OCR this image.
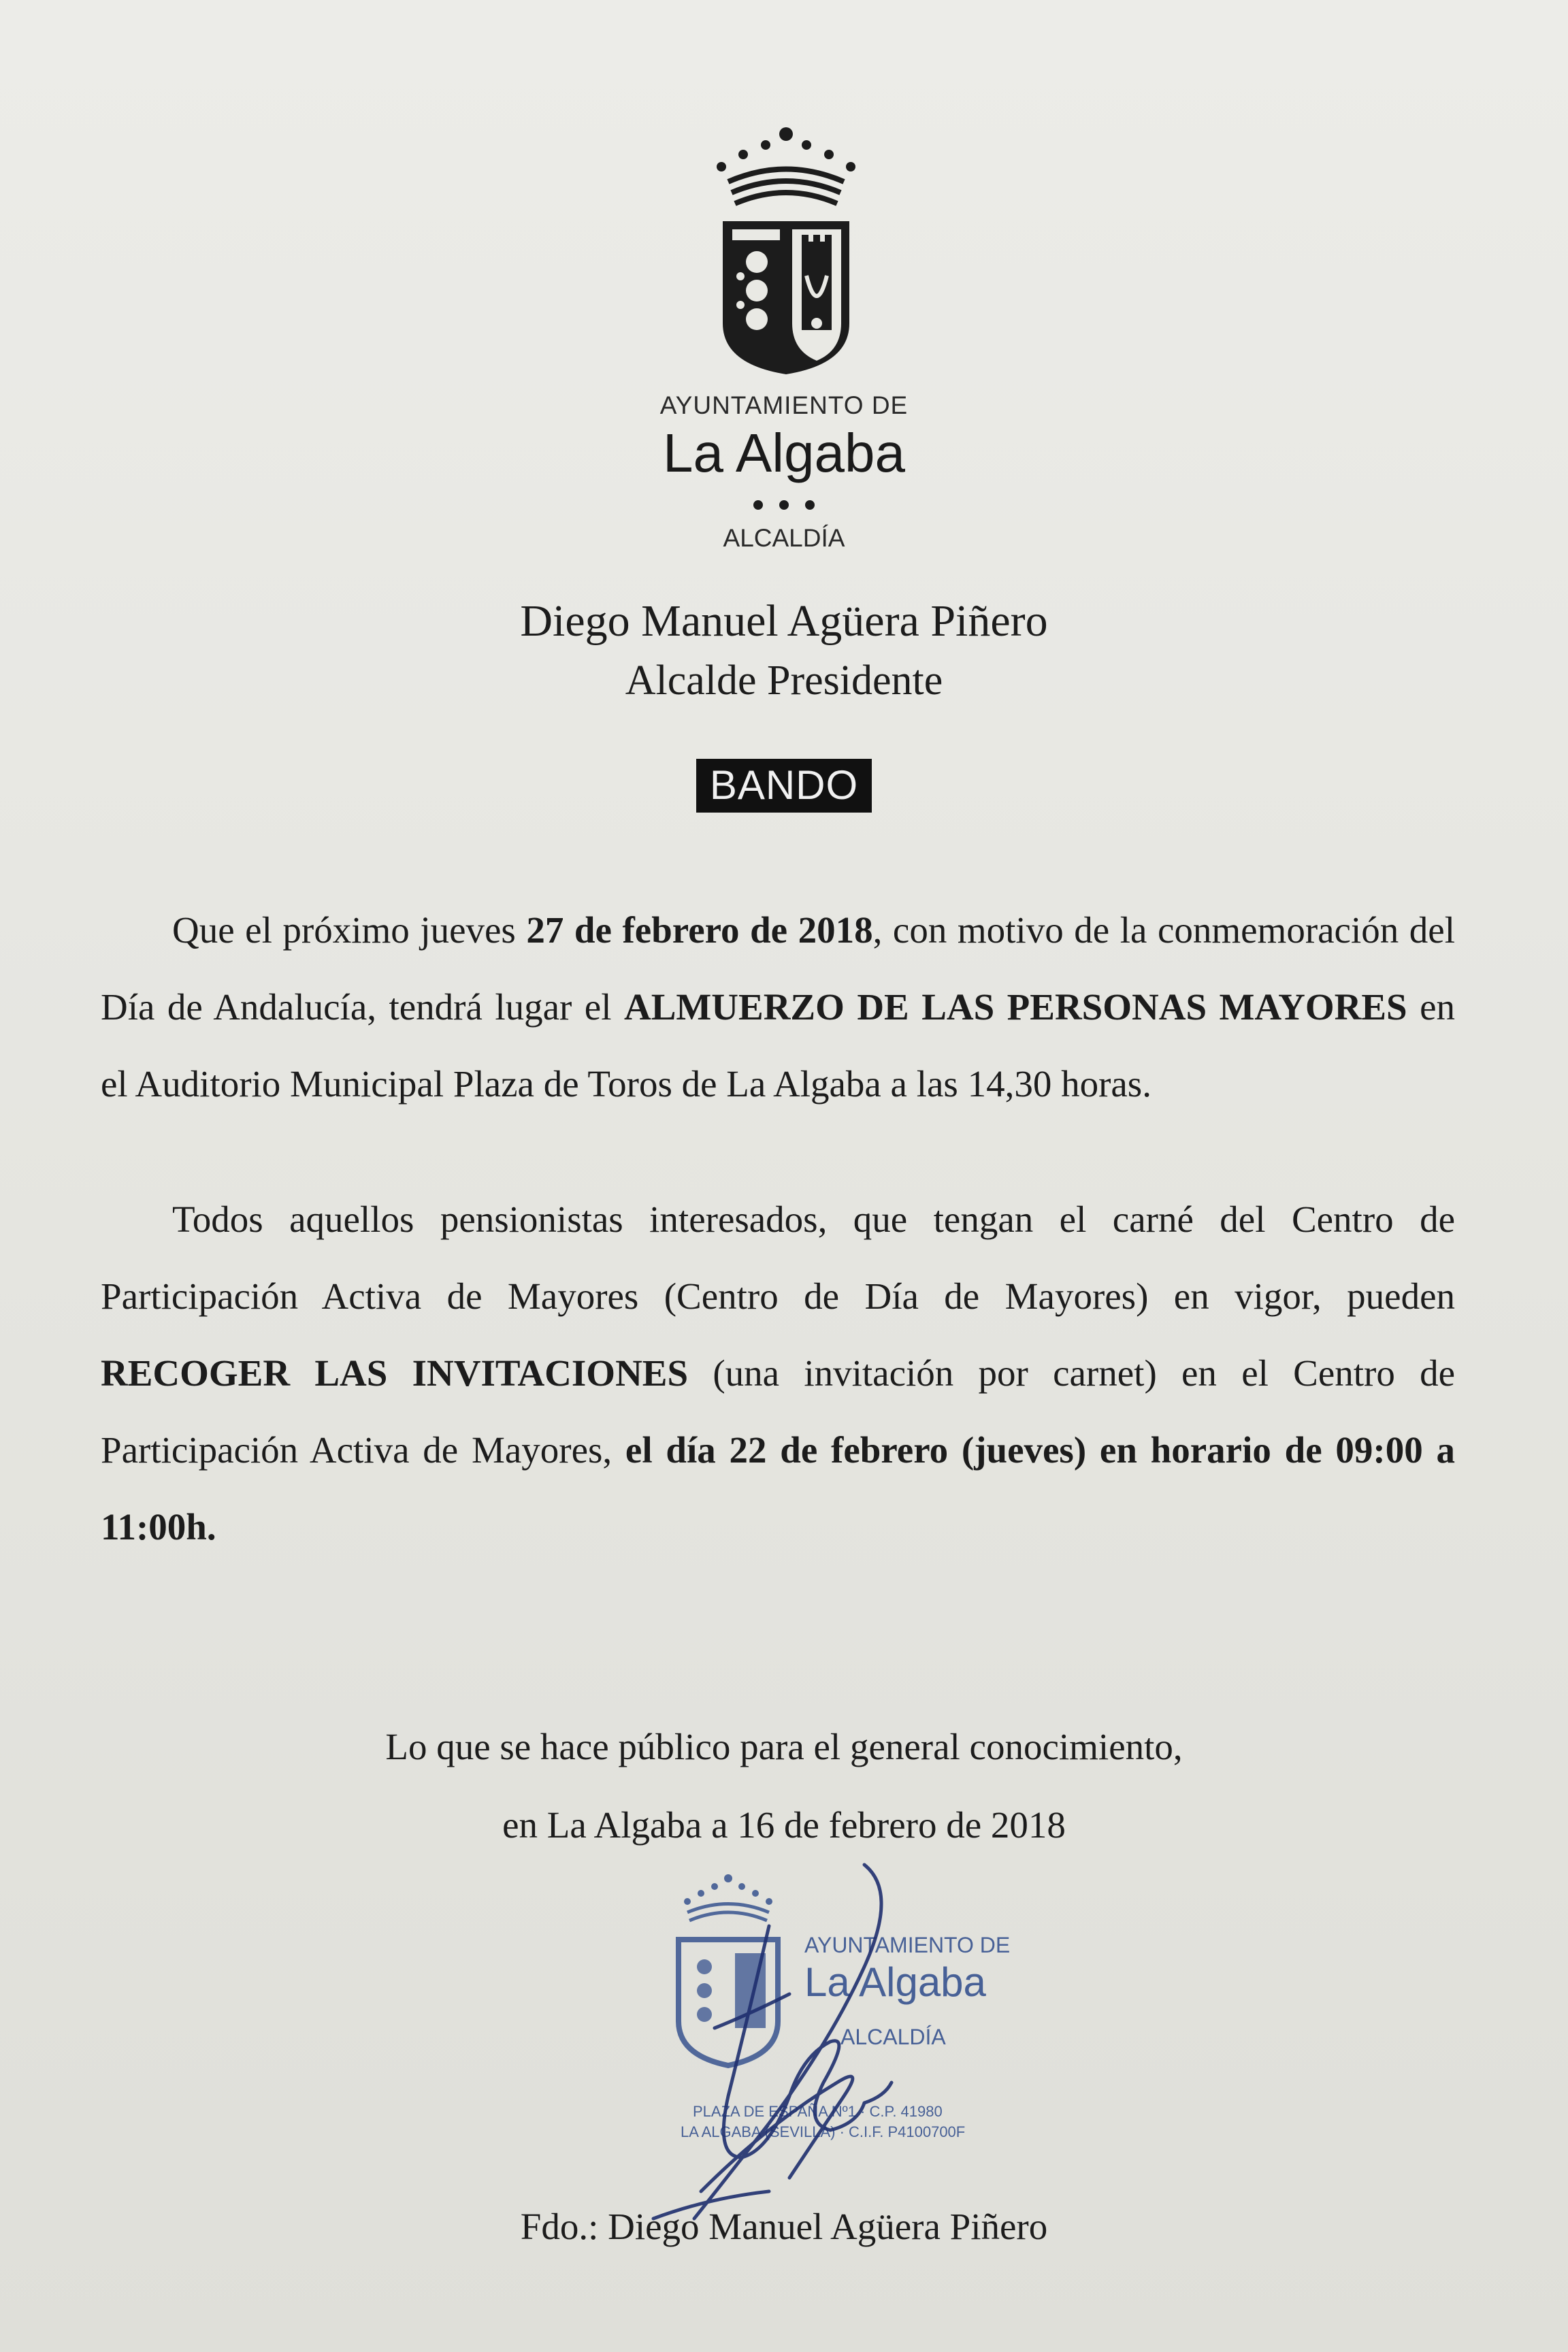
AYUNTAMIENTO DE
La Algaba
ALCALDÍA
Diego Manuel Agüera Piñero
Alcalde Presidente
BANDO

Que el próximo jueves 27 de febrero de 2018, con motivo de la conmemoración del Día de Andalucía, tendrá lugar el ALMUERZO DE LAS PERSONAS MAYORES en el Auditorio Municipal Plaza de Toros de La Algaba a las 14,30 horas.

Todos aquellos pensionistas interesados, que tengan el carné del Centro de Participación Activa de Mayores (Centro de Día de Mayores) en vigor, pueden RECOGER LAS INVITACIONES (una invitación por carnet) en el Centro de Participación Activa de Mayores, el día 22 de febrero (jueves) en horario de 09:00 a 11:00h.

Lo que se hace público para el general conocimiento,
en La Algaba a 16 de febrero de 2018
AYUNTAMIENTO DE
La Algaba
ALCALDÍA
PLAZA DE ESPAÑA Nº1 · C.P. 41980
LA ALGABA (SEVILLA) · C.I.F. P4100700F
Fdo.: Diego Manuel Agüera Piñero
